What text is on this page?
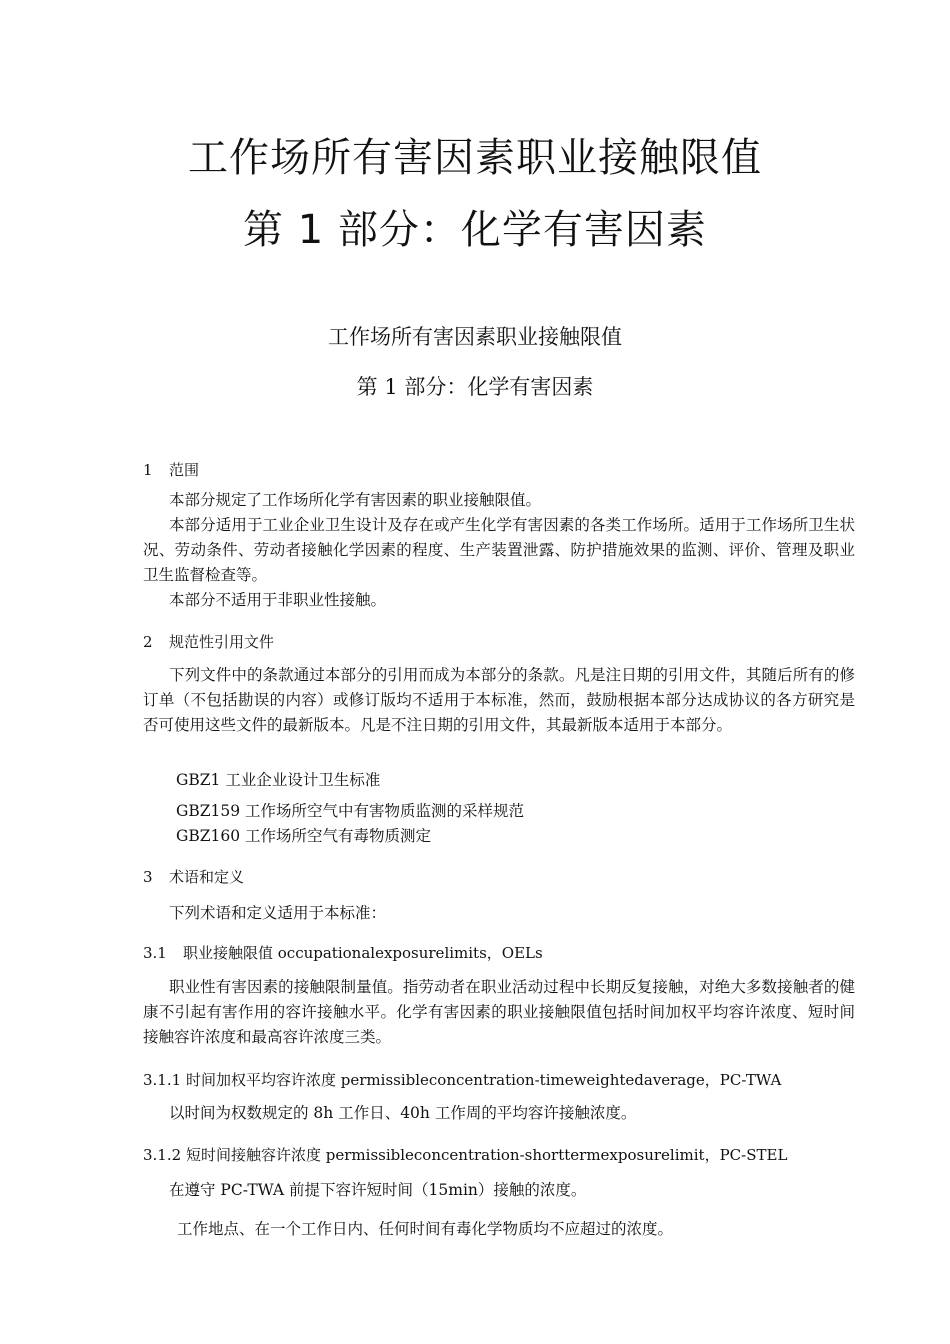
工作场所有害因素职业接触限值
第 1 部分：化学有害因素
工作场所有害因素职业接触限值
第 1 部分：化学有害因素
1 范围
本部分规定了工作场所化学有害因素的职业接触限值。
本部分适用于工业企业卫生设计及存在或产生化学有害因素的各类工作场所。适用于工作场所卫生状况、劳动条件、劳动者接触化学因素的程度、生产装置泄露、防护措施效果的监测、评价、管理及职业卫生监督检查等。
本部分不适用于非职业性接触。
2 规范性引用文件
下列文件中的条款通过本部分的引用而成为本部分的条款。凡是注日期的引用文件，其随后所有的修订单（不包括勘误的内容）或修订版均不适用于本标准，然而，鼓励根据本部分达成协议的各方研究是否可使用这些文件的最新版本。凡是不注日期的引用文件，其最新版本适用于本部分。
GBZ1 工业企业设计卫生标准
GBZ159 工作场所空气中有害物质监测的采样规范
GBZ160 工作场所空气有毒物质测定
3 术语和定义
下列术语和定义适用于本标准：
3.1 职业接触限值 occupationalexposurelimits，OELs
职业性有害因素的接触限制量值。指劳动者在职业活动过程中长期反复接触，对绝大多数接触者的健康不引起有害作用的容许接触水平。化学有害因素的职业接触限值包括时间加权平均容许浓度、短时间接触容许浓度和最高容许浓度三类。
3.1.1 时间加权平均容许浓度 permissibleconcentration-timeweightedaverage，PC-TWA
以时间为权数规定的 8h 工作日、40h 工作周的平均容许接触浓度。
3.1.2 短时间接触容许浓度 permissibleconcentration-shorttermexposurelimit，PC-STEL
在遵守 PC-TWA 前提下容许短时间（15min）接触的浓度。
工作地点、在一个工作日内、任何时间有毒化学物质均不应超过的浓度。
